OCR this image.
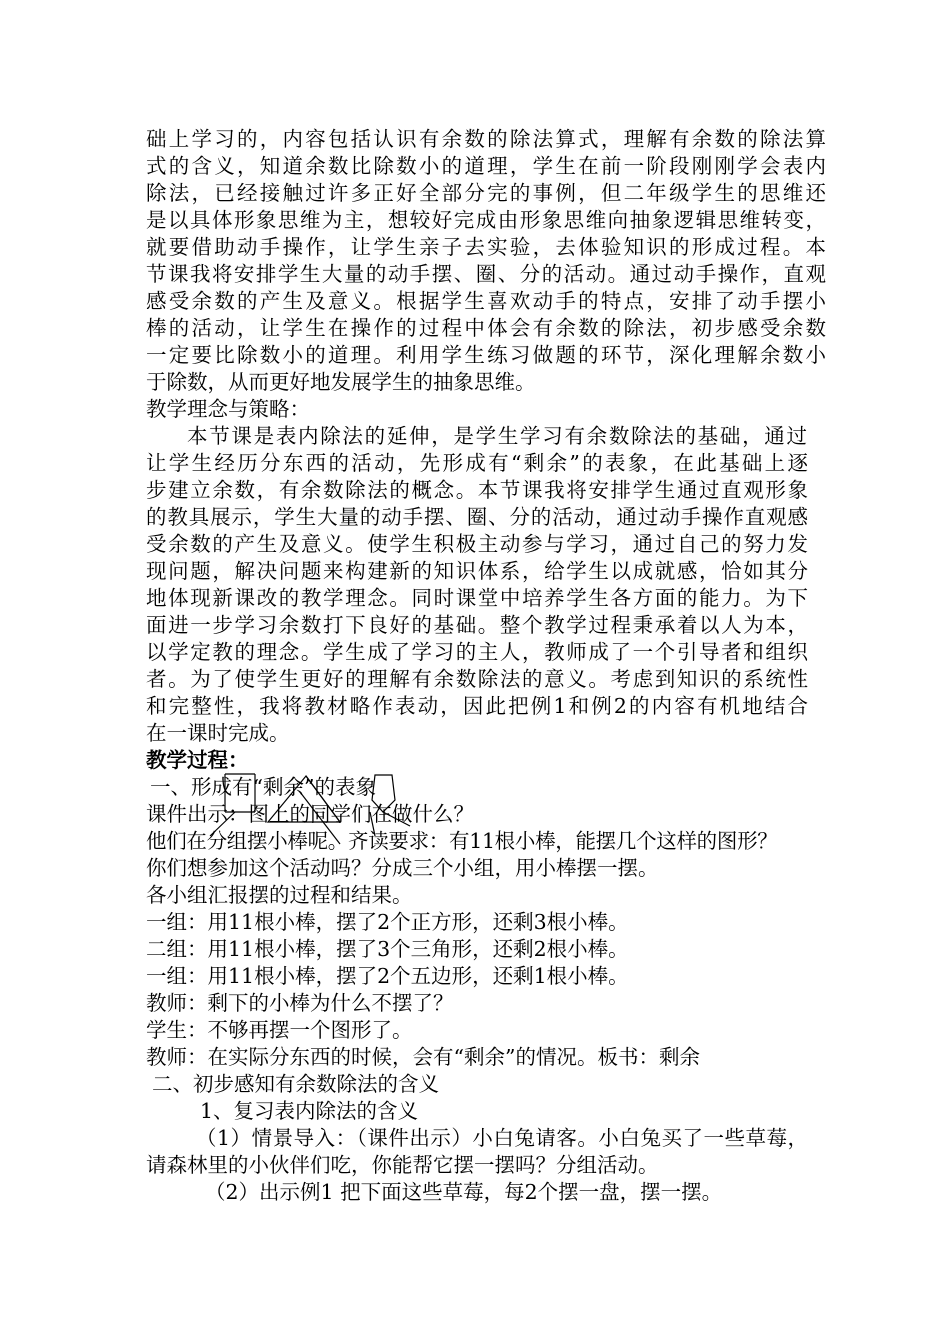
础上学习的，内容包括认识有余数的除法算式，理解有余数的除法算
式的含义，知道余数比除数小的道理，学生在前一阶段刚刚学会表内
除法，已经接触过许多正好全部分完的事例，但二年级学生的思维还
是以具体形象思维为主，想较好完成由形象思维向抽象逻辑思维转变，
就要借助动手操作，让学生亲子去实验，去体验知识的形成过程。本
节课我将安排学生大量的动手摆、圈、分的活动。通过动手操作，直观
感受余数的产生及意义。根据学生喜欢动手的特点，安排了动手摆小
棒的活动，让学生在操作的过程中体会有余数的除法，初步感受余数
一定要比除数小的道理。利用学生练习做题的环节，深化理解余数小
于除数，从而更好地发展学生的抽象思维。
教学理念与策略：
本节课是表内除法的延伸，是学生学习有余数除法的基础，通过
让学生经历分东西的活动，先形成有“剩余”的表象，在此基础上逐
步建立余数，有余数除法的概念。本节课我将安排学生通过直观形象
的教具展示，学生大量的动手摆、圈、分的活动，通过动手操作直观感
受余数的产生及意义。使学生积极主动参与学习，通过自己的努力发
现问题，解决问题来构建新的知识体系，给学生以成就感，恰如其分
地体现新课改的教学理念。同时课堂中培养学生各方面的能力。为下
面进一步学习余数打下良好的基础。整个教学过程秉承着以人为本，
以学定教的理念。学生成了学习的主人，教师成了一个引导者和组织
者。为了使学生更好的理解有余数除法的意义。考虑到知识的系统性
和完整性，我将教材略作表动，因此把例1和例2的内容有机地结合
在一课时完成。
教学过程：
一、形成有“剩余”的表象
课件出示：图上的同学们在做什么？
他们在分组摆小棒呢。齐读要求：有11根小棒，能摆几个这样的图形？
你们想参加这个活动吗？分成三个小组，用小棒摆一摆。
各小组汇报摆的过程和结果。
一组：用11根小棒，摆了2个正方形，还剩3根小棒。
二组：用11根小棒，摆了3个三角形，还剩2根小棒。
一组：用11根小棒，摆了2个五边形，还剩1根小棒。
教师：剩下的小棒为什么不摆了？
学生：不够再摆一个图形了。
教师：在实际分东西的时候，会有“剩余”的情况。板书：剩余
二、初步感知有余数除法的含义
1、复习表内除法的含义
（1）情景导入：（课件出示）小白兔请客。小白兔买了一些草莓，
请森林里的小伙伴们吃，你能帮它摆一摆吗？分组活动。
（2）出示例1 把下面这些草莓，每2个摆一盘，摆一摆。
